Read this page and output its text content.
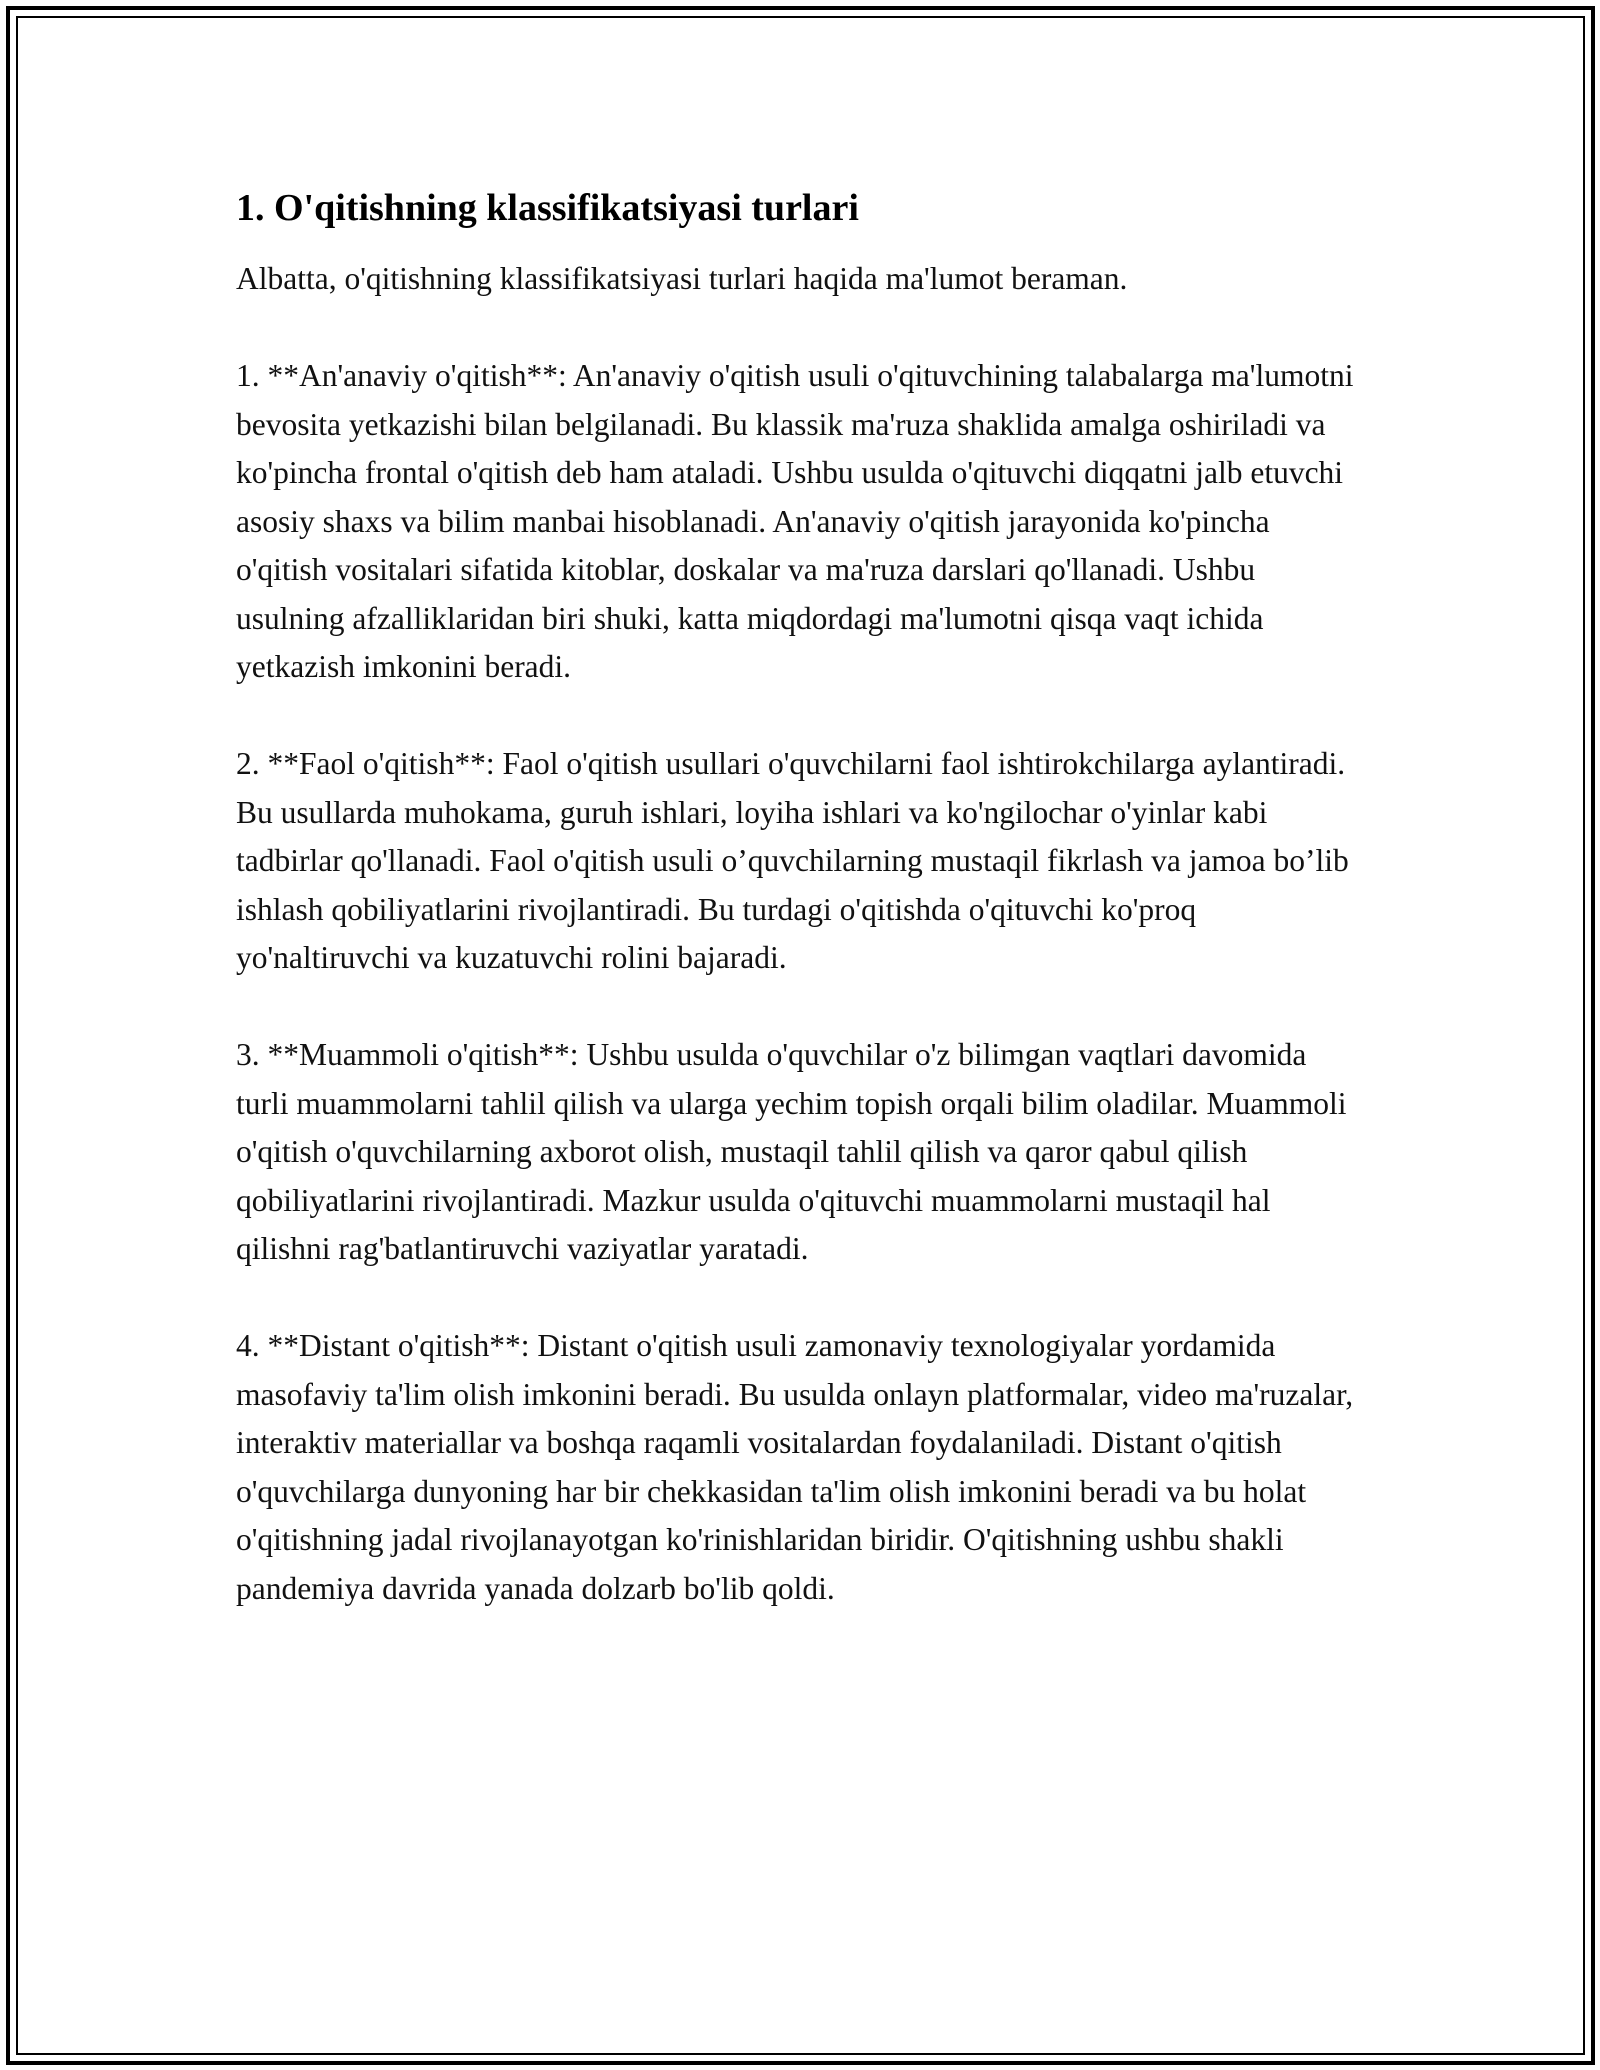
1. O'qitishning klassifikatsiyasi turlari

Albatta, o'qitishning klassifikatsiyasi turlari haqida ma'lumot beraman.

1. **An'anaviy o'qitish**: An'anaviy o'qitish usuli o'qituvchining talabalarga ma'lumotni bevosita yetkazishi bilan belgilanadi. Bu klassik ma'ruza shaklida amalga oshiriladi va ko'pincha frontal o'qitish deb ham ataladi. Ushbu usulda o'qituvchi diqqatni jalb etuvchi asosiy shaxs va bilim manbai hisoblanadi. An'anaviy o'qitish jarayonida ko'pincha o'qitish vositalari sifatida kitoblar, doskalar va ma'ruza darslari qo'llanadi. Ushbu usulning afzalliklaridan biri shuki, katta miqdordagi ma'lumotni qisqa vaqt ichida yetkazish imkonini beradi.

2. **Faol o'qitish**: Faol o'qitish usullari o'quvchilarni faol ishtirokchilarga aylantiradi. Bu usullarda muhokama, guruh ishlari, loyiha ishlari va ko'ngilochar o'yinlar kabi tadbirlar qo'llanadi. Faol o'qitish usuli o’quvchilarning mustaqil fikrlash va jamoa bo’lib ishlash qobiliyatlarini rivojlantiradi. Bu turdagi o'qitishda o'qituvchi ko'proq yo'naltiruvchi va kuzatuvchi rolini bajaradi.

3. **Muammoli o'qitish**: Ushbu usulda o'quvchilar o'z bilimgan vaqtlari davomida turli muammolarni tahlil qilish va ularga yechim topish orqali bilim oladilar. Muammoli o'qitish o'quvchilarning axborot olish, mustaqil tahlil qilish va qaror qabul qilish qobiliyatlarini rivojlantiradi. Mazkur usulda o'qituvchi muammolarni mustaqil hal qilishni rag'batlantiruvchi vaziyatlar yaratadi.

4. **Distant o'qitish**: Distant o'qitish usuli zamonaviy texnologiyalar yordamida masofaviy ta'lim olish imkonini beradi. Bu usulda onlayn platformalar, video ma'ruzalar, interaktiv materiallar va boshqa raqamli vositalardan foydalaniladi. Distant o'qitish o'quvchilarga dunyoning har bir chekkasidan ta'lim olish imkonini beradi va bu holat o'qitishning jadal rivojlanayotgan ko'rinishlaridan biridir. O'qitishning ushbu shakli pandemiya davrida yanada dolzarb bo'lib qoldi.
